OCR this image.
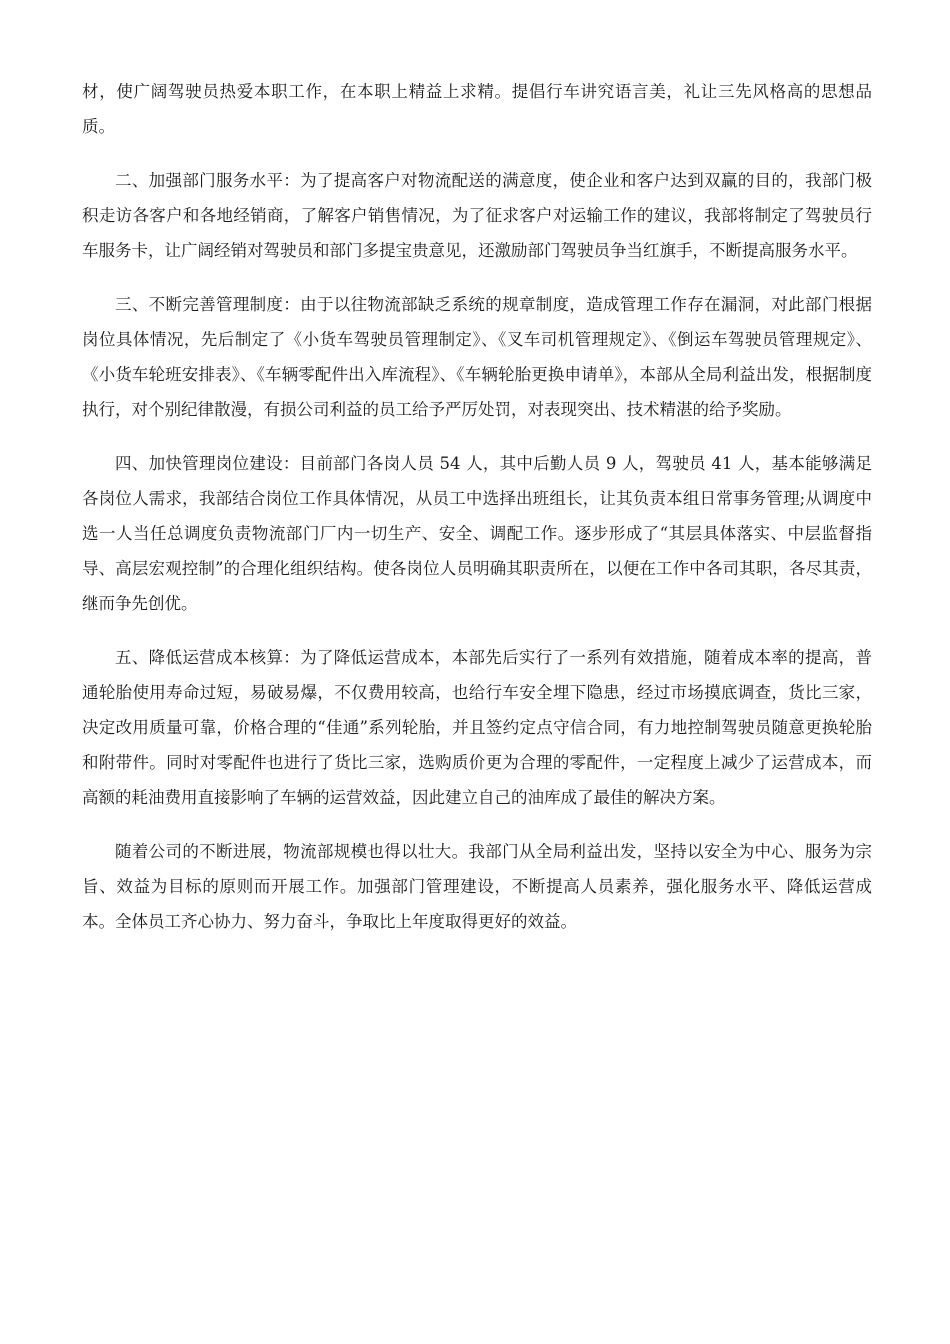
材，使广阔驾驶员热爱本职工作，在本职上精益上求精。提倡行车讲究语言美，礼让三先风格高的思想品质。

二、加强部门服务水平：为了提高客户对物流配送的满意度，使企业和客户达到双赢的目的，我部门极积走访各客户和各地经销商，了解客户销售情况，为了征求客户对运输工作的建议，我部将制定了驾驶员行车服务卡，让广阔经销对驾驶员和部门多提宝贵意见，还激励部门驾驶员争当红旗手，不断提高服务水平。

三、不断完善管理制度：由于以往物流部缺乏系统的规章制度，造成管理工作存在漏洞，对此部门根据岗位具体情况，先后制定了《小货车驾驶员管理制定》、《叉车司机管理规定》、《倒运车驾驶员管理规定》、《小货车轮班安排表》、《车辆零配件出入库流程》、《车辆轮胎更换申请单》，本部从全局利益出发，根据制度执行，对个别纪律散漫，有损公司利益的员工给予严厉处罚，对表现突出、技术精湛的给予奖励。

四、加快管理岗位建设：目前部门各岗人员 54 人，其中后勤人员 9 人，驾驶员 41 人，基本能够满足各岗位人需求，我部结合岗位工作具体情况，从员工中选择出班组长，让其负责本组日常事务管理;从调度中选一人当任总调度负责物流部门厂内一切生产、安全、调配工作。逐步形成了“其层具体落实、中层监督指导、高层宏观控制”的合理化组织结构。使各岗位人员明确其职责所在，以便在工作中各司其职，各尽其责，继而争先创优。

五、降低运营成本核算：为了降低运营成本，本部先后实行了一系列有效措施，随着成本率的提高，普通轮胎使用寿命过短，易破易爆，不仅费用较高，也给行车安全埋下隐患，经过市场摸底调查，货比三家，决定改用质量可靠，价格合理的“佳通”系列轮胎，并且签约定点守信合同，有力地控制驾驶员随意更换轮胎和附带件。同时对零配件也进行了货比三家，选购质价更为合理的零配件，一定程度上减少了运营成本，而高额的耗油费用直接影响了车辆的运营效益，因此建立自己的油库成了最佳的解决方案。

随着公司的不断进展，物流部规模也得以壮大。我部门从全局利益出发，坚持以安全为中心、服务为宗旨、效益为目标的原则而开展工作。加强部门管理建设，不断提高人员素养，强化服务水平、降低运营成本。全体员工齐心协力、努力奋斗，争取比上年度取得更好的效益。
